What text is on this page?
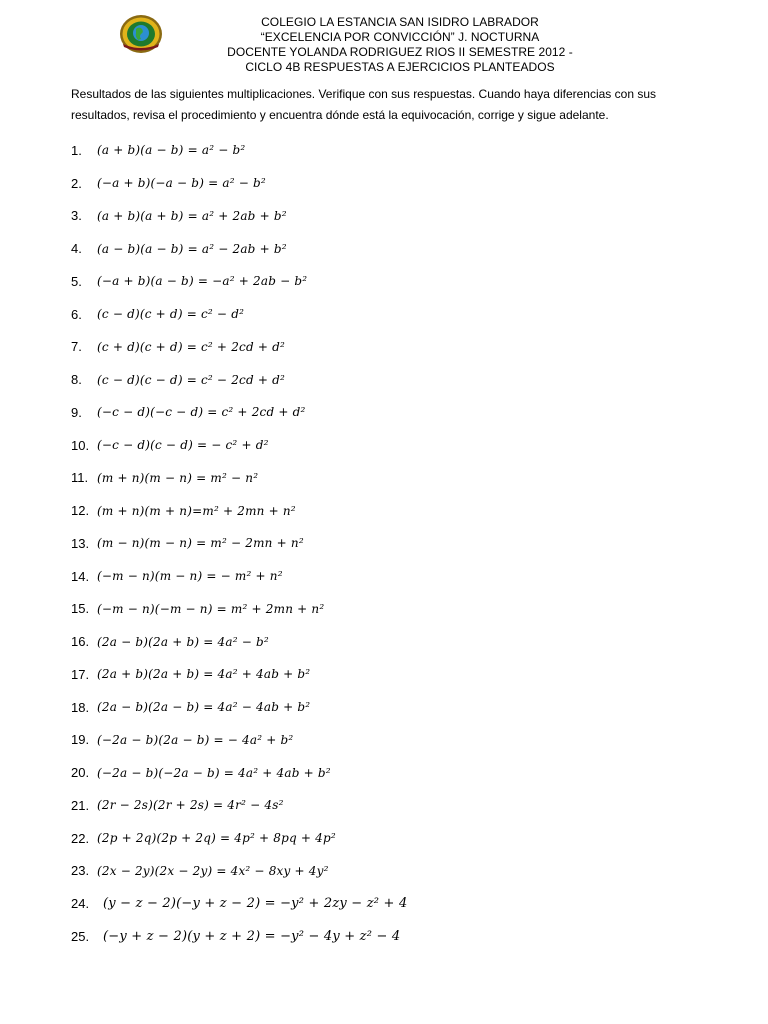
COLEGIO LA ESTANCIA SAN ISIDRO LABRADOR
“EXCELENCIA POR CONVICCIÓN” J. NOCTURNA
DOCENTE YOLANDA RODRIGUEZ RIOS II SEMESTRE 2012 -
CICLO 4B RESPUESTAS A EJERCICIOS PLANTEADOS
Resultados de las siguientes multiplicaciones. Verifique con sus respuestas. Cuando haya diferencias con sus
resultados, revisa el procedimiento y encuentra dónde está la equivocación, corrige y sigue adelante.
1.	(a + b)(a − b) = a² − b²
2.	(−a + b)(−a − b) = a² − b²
3.	(a + b)(a + b) = a² + 2ab + b²
4.	(a − b)(a − b) = a² − 2ab + b²
5.	(−a + b)(a − b) = −a² + 2ab − b²
6.	(c − d)(c + d) = c² − d²
7.	(c + d)(c + d) = c² + 2cd + d²
8.	(c − d)(c − d) = c² − 2cd + d²
9.	(−c − d)(−c − d) = c² + 2cd + d²
10. (−c − d)(c − d) = − c² + d²
11. (m + n)(m − n) = m² − n²
12. (m + n)(m + n)=m² + 2mn + n²
13. (m − n)(m − n) = m² − 2mn + n²
14. (−m − n)(m − n) = − m² + n²
15. (−m − n)(−m − n) = m² + 2mn + n²
16. (2a − b)(2a + b) = 4a² − b²
17. (2a + b)(2a + b) = 4a² + 4ab + b²
18. (2a − b)(2a − b) = 4a² − 4ab + b²
19. (−2a − b)(2a − b) = − 4a² + b²
20. (−2a − b)(−2a − b) = 4a² + 4ab + b²
21. (2r − 2s)(2r + 2s) = 4r² − 4s²
22. (2p + 2q)(2p + 2q) = 4p² + 8pq + 4p²
23. (2x − 2y)(2x − 2y) = 4x² − 8xy + 4y²
24.	(y − z − 2)(−y + z − 2) = −y² + 2zy − z² + 4
25.	(−y + z − 2)(y + z + 2) = −y² − 4y + z² − 4
